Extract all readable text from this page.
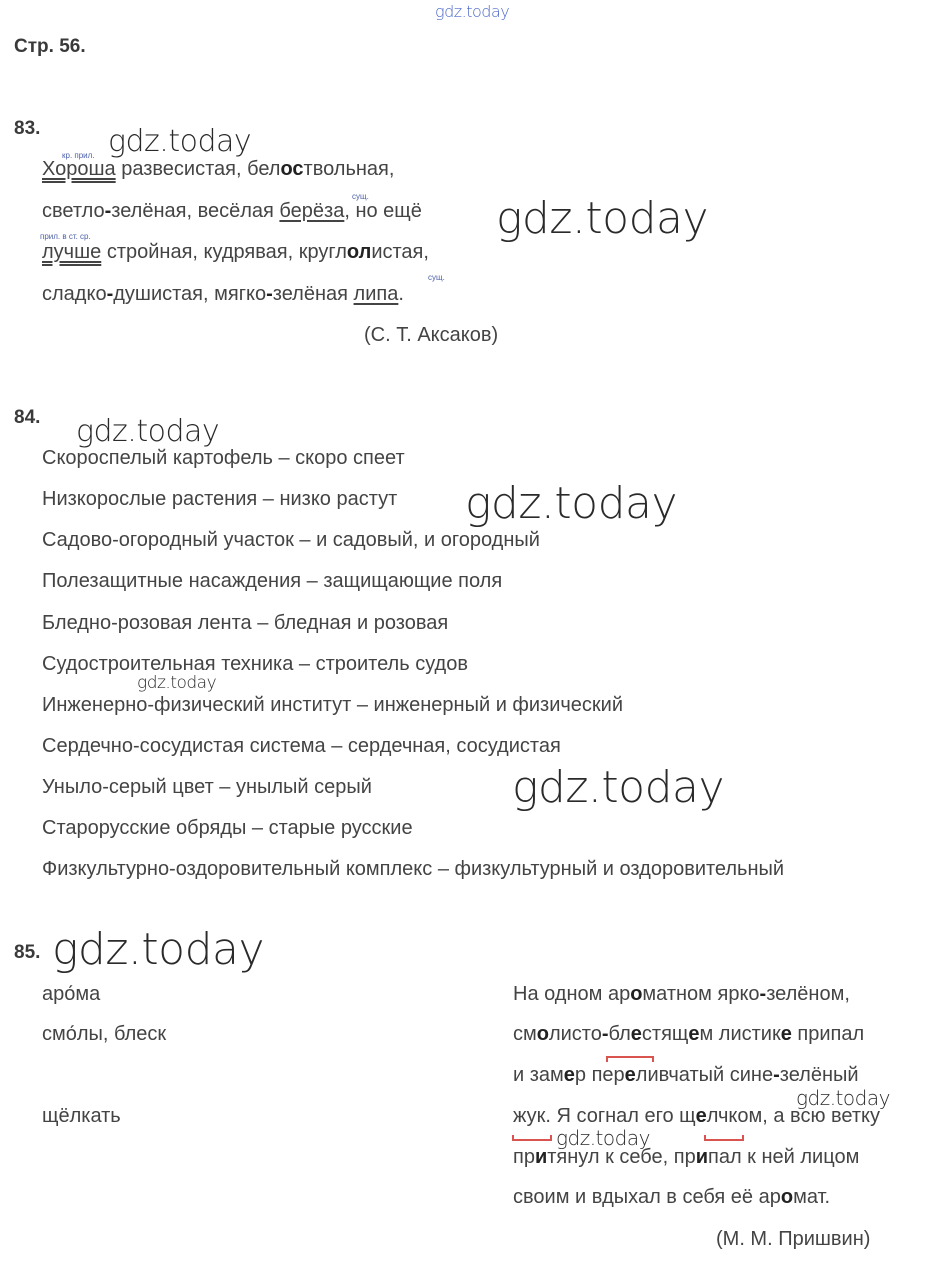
gdz.today
Стр. 56.
83. gdz.today
кр. прил.
сущ.
прил. в ст. ср.
сущ.
Хороша развесистая, белоствольная,
светло-зелёная, весёлая берёза, но ещё gdz.today
лучше стройная, кудрявая, круглолистая,
сладко-душистая, мягко-зелёная липа.
(С. Т. Аксаков)
84. gdz.today
Скороспелый картофель – скоро спеет
Низкорослые растения – низко растут gdz.today
Садово-огородный участок – и садовый, и огородный
Полезащитные насаждения – защищающие поля
Бледно-розовая лента – бледная и розовая
Судостроительная техника – строитель судов
gdz.today
Инженерно-физический институт – инженерный и физический
Сердечно-сосудистая система – сердечная, сосудистая
Уныло-серый цвет – унылый серый	gdz.today
Старорусские обряды – старые русские
Физкультурно-оздоровительный комплекс – физкультурный и оздоровительный
85. gdz.today
аро́ма
смо́лы, блеск
щёлкать
На одном ароматном ярко-зелёном,
смолисто-блестящем листике припал
и замер переливчатый сине-зелёный
gdz.today
жук. Я согнал его щелчком, а всю ветку
gdz.today
притянул к себе, припал к ней лицом
своим и вдыхал в себя её аромат.
(М. М. Пришвин)
